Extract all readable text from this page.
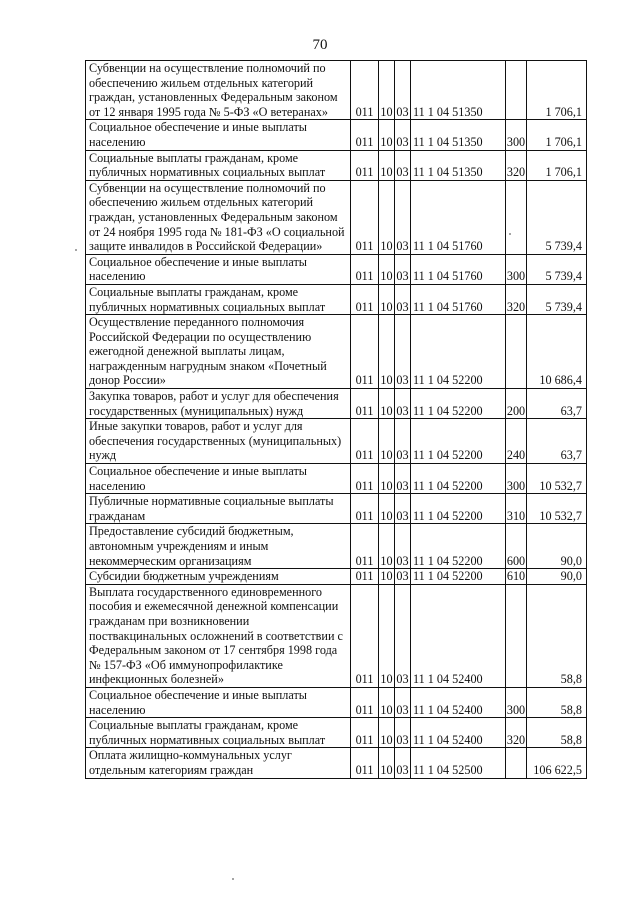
70
Субвенции на осуществление полномочий по обеспечению жильем отдельных категорий граждан, установленных Федеральным законом от 12 января 1995 года № 5-ФЗ «О ветеранах»	011	10	03	11 1 04 51350		1 706,1
Социальное обеспечение и иные выплаты населению	011	10	03	11 1 04 51350	300	1 706,1
Социальные выплаты гражданам, кроме публичных нормативных социальных выплат	011	10	03	11 1 04 51350	320	1 706,1
Субвенции на осуществление полномочий по обеспечению жильем отдельных категорий граждан, установленных Федеральным законом от 24 ноября 1995 года № 181-ФЗ «О социальной защите инвалидов в Российской Федерации»	011	10	03	11 1 04 51760		5 739,4
Социальное обеспечение и иные выплаты населению	011	10	03	11 1 04 51760	300	5 739,4
Социальные выплаты гражданам, кроме публичных нормативных социальных выплат	011	10	03	11 1 04 51760	320	5 739,4
Осуществление переданного полномочия Российской Федерации по осуществлению ежегодной денежной выплаты лицам, награжденным нагрудным знаком «Почетный донор России»	011	10	03	11 1 04 52200		10 686,4
Закупка товаров, работ и услуг для обеспечения государственных (муниципальных) нужд	011	10	03	11 1 04 52200	200	63,7
Иные закупки товаров, работ и услуг для обеспечения государственных (муниципальных) нужд	011	10	03	11 1 04 52200	240	63,7
Социальное обеспечение и иные выплаты населению	011	10	03	11 1 04 52200	300	10 532,7
Публичные нормативные социальные выплаты гражданам	011	10	03	11 1 04 52200	310	10 532,7
Предоставление субсидий бюджетным, автономным учреждениям и иным некоммерческим организациям	011	10	03	11 1 04 52200	600	90,0
Субсидии бюджетным учреждениям	011	10	03	11 1 04 52200	610	90,0
Выплата государственного единовременного пособия и ежемесячной денежной компенсации гражданам при возникновении поствакцинальных осложнений в соответствии с Федеральным законом от 17 сентября 1998 года № 157-ФЗ «Об иммунопрофилактике инфекционных болезней»	011	10	03	11 1 04 52400		58,8
Социальное обеспечение и иные выплаты населению	011	10	03	11 1 04 52400	300	58,8
Социальные выплаты гражданам, кроме публичных нормативных социальных выплат	011	10	03	11 1 04 52400	320	58,8
Оплата жилищно-коммунальных услуг отдельным категориям граждан	011	10	03	11 1 04 52500		106 622,5
